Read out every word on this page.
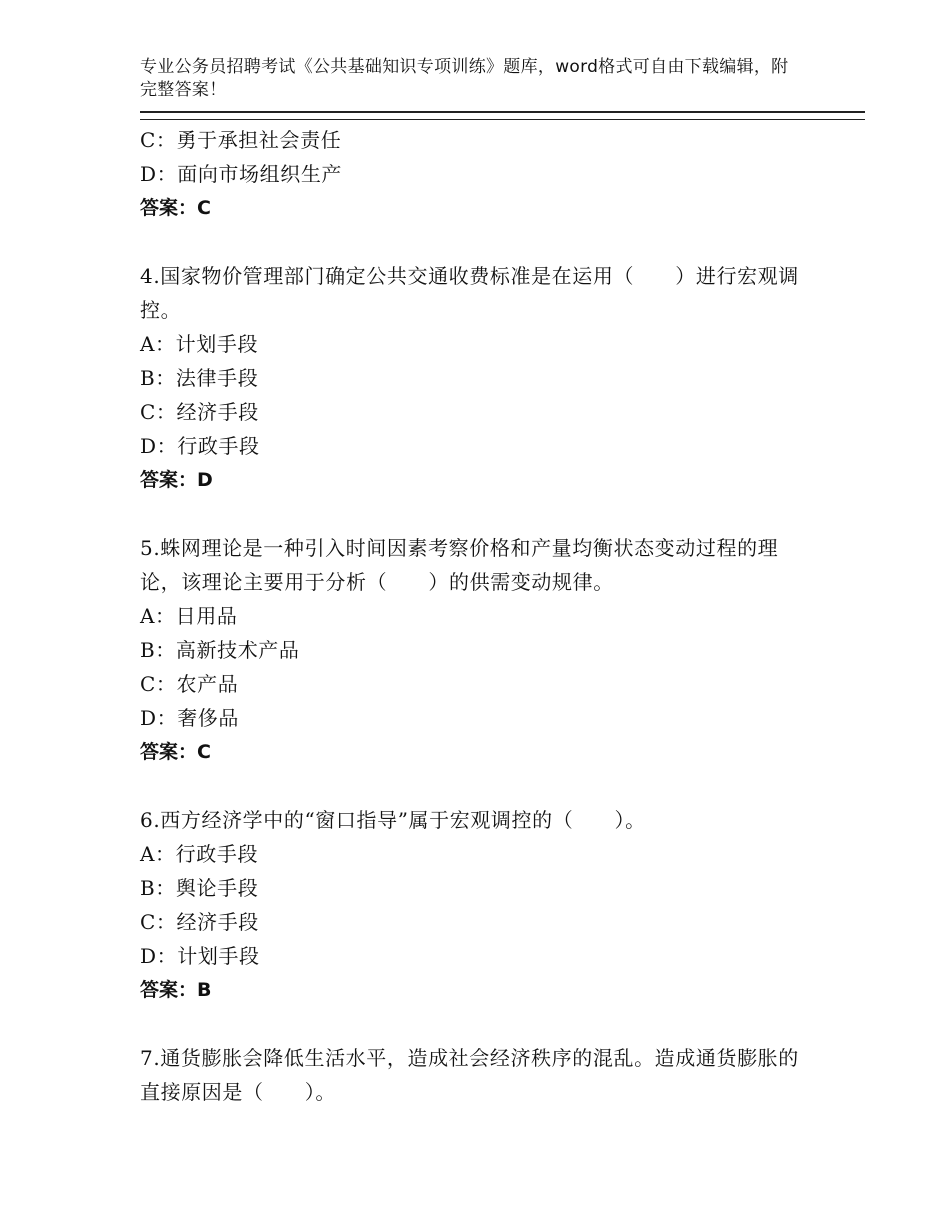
专业公务员招聘考试《公共基础知识专项训练》题库，word格式可自由下载编辑，附完整答案！
C：勇于承担社会责任
D：面向市场组织生产
答案：C
4.国家物价管理部门确定公共交通收费标准是在运用（　　）进行宏观调控。
A：计划手段
B：法律手段
C：经济手段
D：行政手段
答案：D
5.蛛网理论是一种引入时间因素考察价格和产量均衡状态变动过程的理论，该理论主要用于分析（　　）的供需变动规律。
A：日用品
B：高新技术产品
C：农产品
D：奢侈品
答案：C
6.西方经济学中的“窗口指导”属于宏观调控的（　　）。
A：行政手段
B：舆论手段
C：经济手段
D：计划手段
答案：B
7.通货膨胀会降低生活水平，造成社会经济秩序的混乱。造成通货膨胀的直接原因是（　　）。
